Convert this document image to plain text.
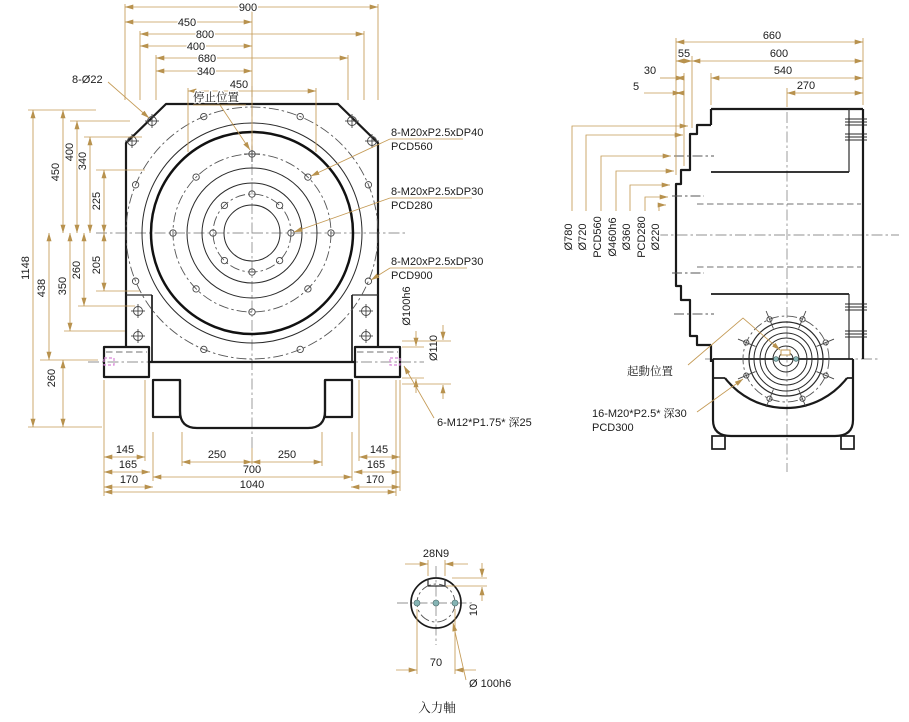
900
450
800
400
680
340
450
8-Ø22
停止位置
1148
450
438
260
400 340
350
260
225
205
145
165
170
145
165
170
250	250
700
1040
8-M20xP2.5xDP40
PCD560
8-M20xP2.5xDP30
PCD280
8-M20xP2.5xDP30
PCD900
Ø100h6
Ø110
6-M12*P1.75* 深25
660
55	600
30	540
5	270
Ø780 Ø720 PCD560 Ø460h6 Ø360 PCD280 Ø220
起動位置
16-M20*P2.5* 深30
PCD300
28N9
10
70
Ø 100h6
入力軸
